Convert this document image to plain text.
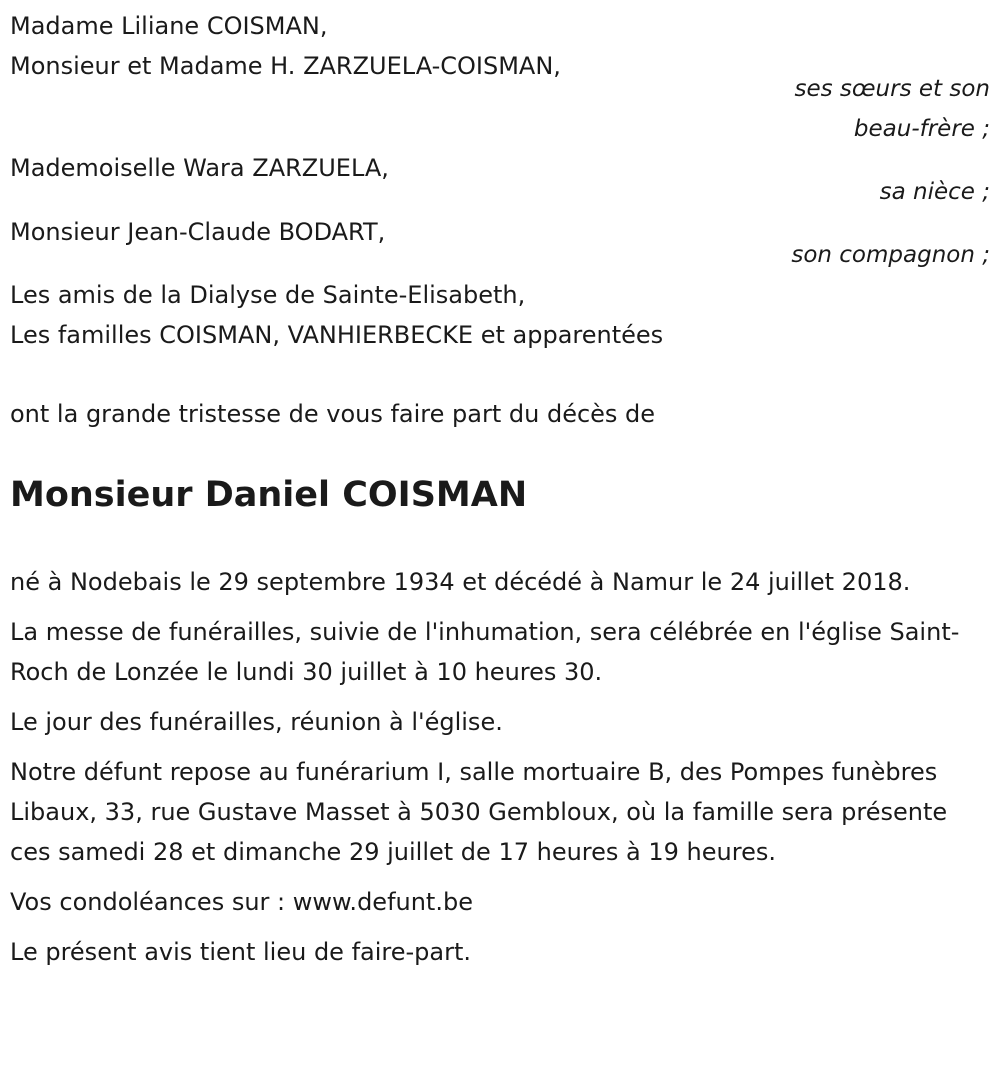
Madame Liliane COISMAN,
Monsieur et Madame H. ZARZUELA-COISMAN,
ses sœurs et son
beau-frère ;
Mademoiselle Wara ZARZUELA,
sa nièce ;
Monsieur Jean-Claude BODART,
son compagnon ;
Les amis de la Dialyse de Sainte-Elisabeth,
Les familles COISMAN, VANHIERBECKE et apparentées
ont la grande tristesse de vous faire part du décès de
Monsieur Daniel COISMAN
né à Nodebais le 29 septembre 1934 et décédé à Namur le 24 juillet 2018.
La messe de funérailles, suivie de l'inhumation, sera célébrée en l'église Saint-Roch de Lonzée le lundi 30 juillet à 10 heures 30.
Le jour des funérailles, réunion à l'église.
Notre défunt repose au funérarium I, salle mortuaire B, des Pompes funèbres Libaux, 33, rue Gustave Masset à 5030 Gembloux, où la famille sera présente ces samedi 28 et dimanche 29 juillet de 17 heures à 19 heures.
Vos condoléances sur : www.defunt.be
Le présent avis tient lieu de faire-part.
